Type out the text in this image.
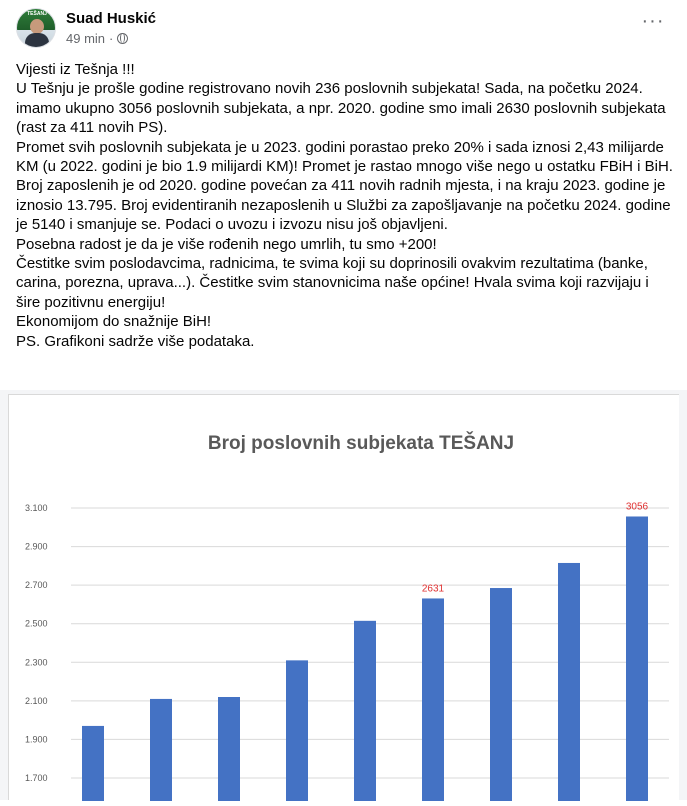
TEŠANJ	Suad Huskić
49 min ·
···

Vijesti iz Tešnja !!!

U Tešnju je prošle godine registrovano novih 236 poslovnih subjekata! Sada, na početku 2024. imamo ukupno 3056 poslovnih subjekata, a npr. 2020. godine smo imali 2630 poslovnih subjekata (rast za 411 novih PS).

Promet svih poslovnih subjekata je u 2023. godini porastao preko 20% i sada iznosi 2,43 milijarde KM (u 2022. godini je bio 1.9 milijardi KM)! Promet je rastao mnogo više nego u ostatku FBiH i BiH.

Broj zaposlenih je od 2020. godine povećan za 411 novih radnih mjesta, i na kraju 2023. godine je iznosio 13.795. Broj evidentiranih nezaposlenih u Službi za zapošljavanje na početku 2024. godine je 5140 i smanjuje se. Podaci o uvozu i izvozu nisu još objavljeni.

Posebna radost je da je više rođenih nego umrlih, tu smo +200!

Čestitke svim poslodavcima, radnicima, te svima koji su doprinosili ovakvim rezultatima (banke, carina, porezna, uprava...). Čestitke svim stanovnicima naše općine! Hvala svima koji razvijaju i šire pozitivnu energiju!

Ekonomijom do snažnije BiH!

PS. Grafikoni sadrže više podataka.

Broj poslovnih subjekata TEŠANJ
1.700
1.900
2.100
2.300
2.500
2.700
2.900
3.100
2631
3056
